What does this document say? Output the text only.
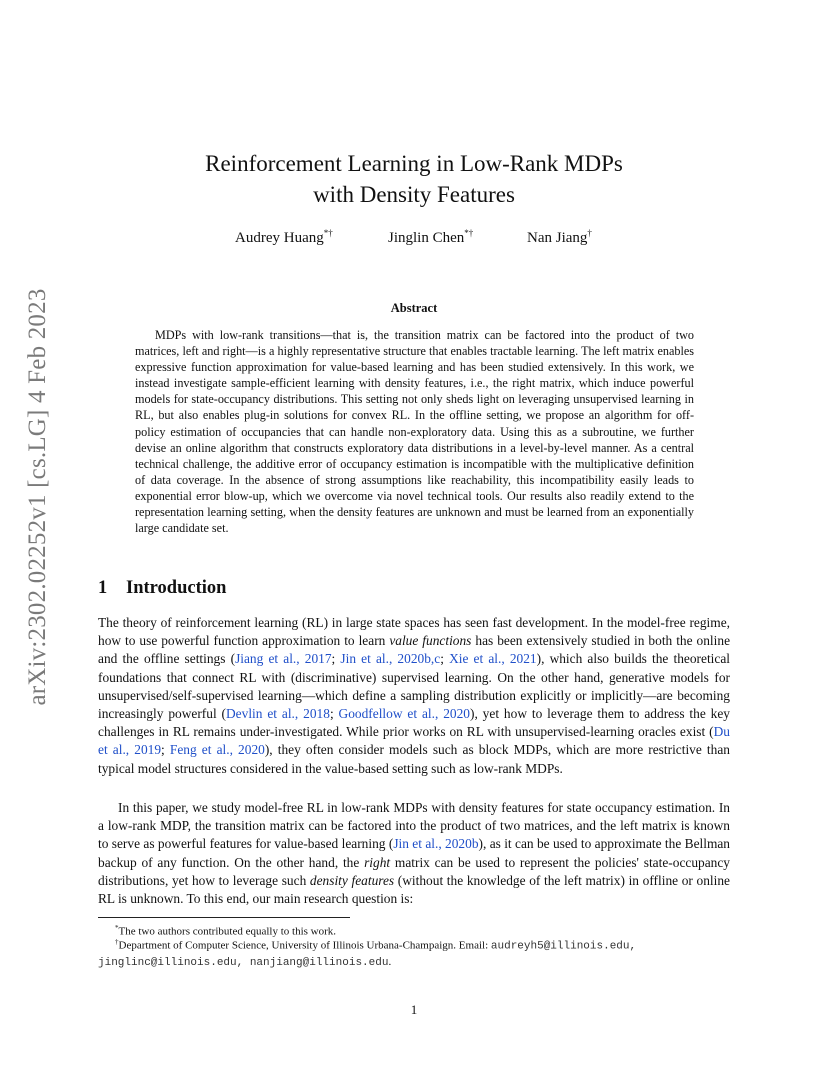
arXiv:2302.02252v1 [cs.LG] 4 Feb 2023
Reinforcement Learning in Low-Rank MDPs
with Density Features
Audrey Huang*†	Jinglin Chen*†	Nan Jiang†
Abstract

MDPs with low-rank transitions—that is, the transition matrix can be factored into the product of two matrices, left and right—is a highly representative structure that enables tractable learning. The left matrix enables expressive function approximation for value-based learning and has been studied extensively. In this work, we instead investigate sample-efficient learning with density features, i.e., the right matrix, which induce powerful models for state-occupancy distributions. This setting not only sheds light on leveraging unsupervised learning in RL, but also enables plug-in solutions for convex RL. In the offline setting, we propose an algorithm for off-policy estimation of occupancies that can handle non-exploratory data. Using this as a subroutine, we further devise an online algorithm that constructs exploratory data distributions in a level-by-level manner. As a central technical challenge, the additive error of occupancy estimation is incompatible with the multiplicative definition of data coverage. In the absence of strong assumptions like reachability, this incompatibility easily leads to exponential error blow-up, which we overcome via novel technical tools. Our results also readily extend to the representation learning setting, when the density features are unknown and must be learned from an exponentially large candidate set.

1 Introduction

The theory of reinforcement learning (RL) in large state spaces has seen fast development. In the model-free regime, how to use powerful function approximation to learn value functions has been extensively studied in both the online and the offline settings (Jiang et al., 2017; Jin et al., 2020b,c; Xie et al., 2021), which also builds the theoretical foundations that connect RL with (discriminative) supervised learning. On the other hand, generative models for unsupervised/self-supervised learning—which define a sampling distribution explicitly or implicitly—are becoming increasingly powerful (Devlin et al., 2018; Goodfellow et al., 2020), yet how to leverage them to address the key challenges in RL remains under-investigated. While prior works on RL with unsupervised-learning oracles exist (Du et al., 2019; Feng et al., 2020), they often consider models such as block MDPs, which are more restrictive than typical model structures considered in the value-based setting such as low-rank MDPs.

In this paper, we study model-free RL in low-rank MDPs with density features for state occupancy estimation. In a low-rank MDP, the transition matrix can be factored into the product of two matrices, and the left matrix is known to serve as powerful features for value-based learning (Jin et al., 2020b), as it can be used to approximate the Bellman backup of any function. On the other hand, the right matrix can be used to represent the policies' state-occupancy distributions, yet how to leverage such density features (without the knowledge of the left matrix) in offline or online RL is unknown. To this end, our main research question is:

*The two authors contributed equally to this work.

†Department of Computer Science, University of Illinois Urbana-Champaign. Email: audreyh5@illinois.edu, jinglinc@illinois.edu, nanjiang@illinois.edu.

1
